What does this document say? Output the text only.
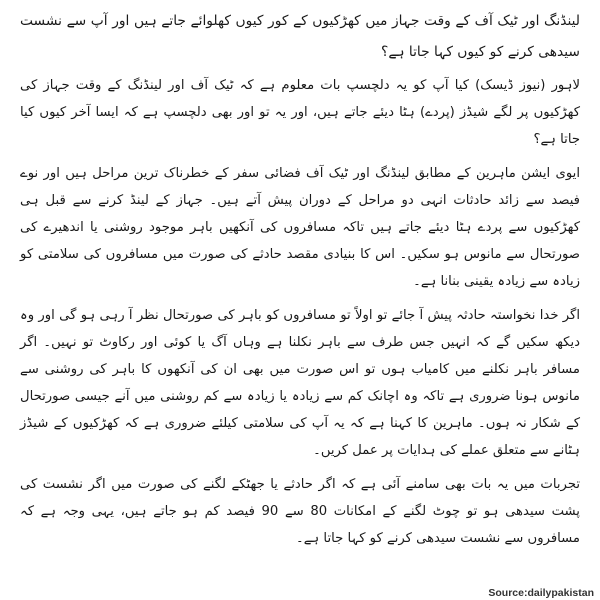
لینڈنگ اور ٹیک آف کے وقت جہاز میں کھڑکیوں کے کور کیوں کھلوائے جاتے ہیں اور آپ سے نشست سیدھی کرنے کو کیوں کہا جاتا ہے؟

لاہور (نیوز ڈیسک) کیا آپ کو یہ دلچسپ بات معلوم ہے کہ ٹیک آف اور لینڈنگ کے وقت جہاز کی کھڑکیوں پر لگے شیڈز (پردے) ہٹا دیئے جاتے ہیں، اور یہ تو اور بھی دلچسپ ہے کہ ایسا آخر کیوں کیا جاتا ہے؟

ایوی ایشن ماہرین کے مطابق لینڈنگ اور ٹیک آف فضائی سفر کے خطرناک ترین مراحل ہیں اور نوے فیصد سے زائد حادثات انہی دو مراحل کے دوران پیش آتے ہیں۔ جہاز کے لینڈ کرنے سے قبل ہی کھڑکیوں سے پردے ہٹا دیئے جاتے ہیں تاکہ مسافروں کی آنکھیں باہر موجود روشنی یا اندھیرے کی صورتحال سے مانوس ہو سکیں۔ اس کا بنیادی مقصد حادثے کی صورت میں مسافروں کی سلامتی کو زیادہ سے زیادہ یقینی بنانا ہے۔

اگر خدا نخواستہ حادثہ پیش آ جائے تو اولاً تو مسافروں کو باہر کی صورتحال نظر آ رہی ہو گی اور وہ دیکھ سکیں گے کہ انہیں جس طرف سے باہر نکلنا ہے وہاں آگ یا کوئی اور رکاوٹ تو نہیں۔ اگر مسافر باہر نکلنے میں کامیاب ہوں تو اس صورت میں بھی ان کی آنکھوں کا باہر کی روشنی سے مانوس ہونا ضروری ہے تاکہ وہ اچانک کم سے زیادہ یا زیادہ سے کم روشنی میں آنے جیسی صورتحال کے شکار نہ ہوں۔ ماہرین کا کہنا ہے کہ یہ آپ کی سلامتی کیلئے ضروری ہے کہ کھڑکیوں کے شیڈز ہٹانے سے متعلق عملے کی ہدایات پر عمل کریں۔

تجربات میں یہ بات بھی سامنے آئی ہے کہ اگر حادثے یا جھٹکے لگنے کی صورت میں اگر نشست کی پشت سیدھی ہو تو چوٹ لگنے کے امکانات 80 سے 90 فیصد کم ہو جاتے ہیں، یہی وجہ ہے کہ مسافروں سے نشست سیدھی کرنے کو کہا جاتا ہے۔

Source:dailypakistan
